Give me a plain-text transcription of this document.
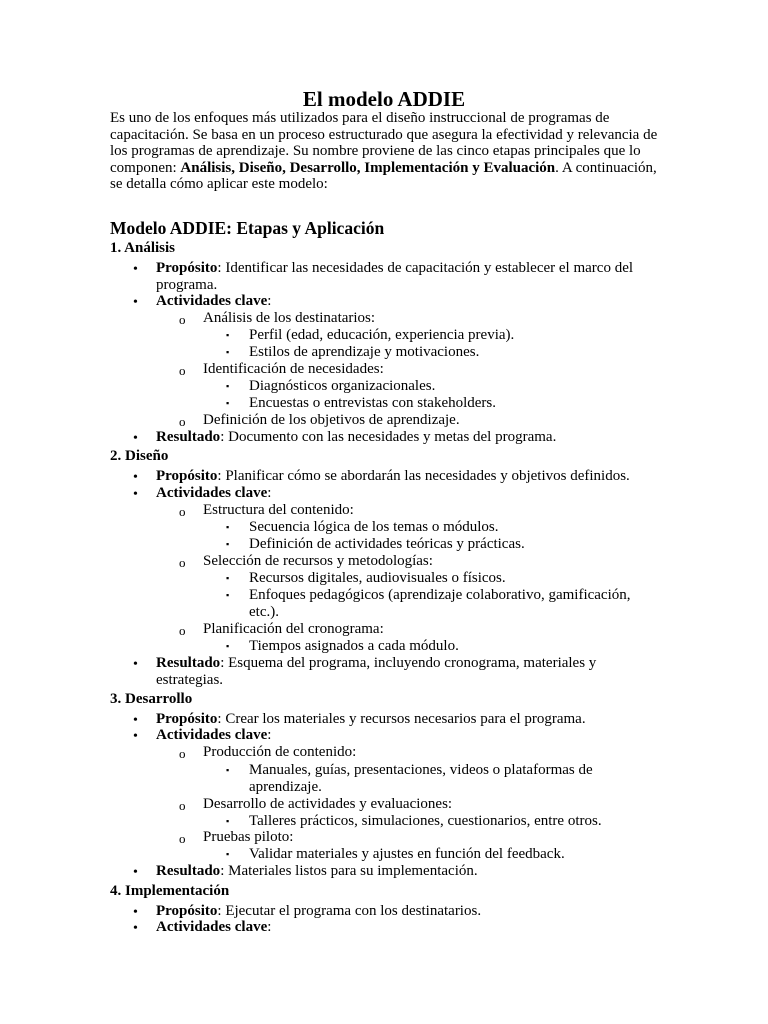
El modelo ADDIE
Es uno de los enfoques más utilizados para el diseño instruccional de programas de capacitación. Se basa en un proceso estructurado que asegura la efectividad y relevancia de los programas de aprendizaje. Su nombre proviene de las cinco etapas principales que lo componen: Análisis, Diseño, Desarrollo, Implementación y Evaluación. A continuación, se detalla cómo aplicar este modelo:
Modelo ADDIE: Etapas y Aplicación
1. Análisis
• Propósito: Identificar las necesidades de capacitación y establecer el marco del
programa.
• Actividades clave:
o Análisis de los destinatarios:
▪ Perfil (edad, educación, experiencia previa).
▪ Estilos de aprendizaje y motivaciones.
o Identificación de necesidades:
▪ Diagnósticos organizacionales.
▪ Encuestas o entrevistas con stakeholders.
o Definición de los objetivos de aprendizaje.
• Resultado: Documento con las necesidades y metas del programa.
2. Diseño
• Propósito: Planificar cómo se abordarán las necesidades y objetivos definidos.
• Actividades clave:
o Estructura del contenido:
▪ Secuencia lógica de los temas o módulos.
▪ Definición de actividades teóricas y prácticas.
o Selección de recursos y metodologías:
▪ Recursos digitales, audiovisuales o físicos.
▪ Enfoques pedagógicos (aprendizaje colaborativo, gamificación,
etc.).
o Planificación del cronograma:
▪ Tiempos asignados a cada módulo.
• Resultado: Esquema del programa, incluyendo cronograma, materiales y
estrategias.
3. Desarrollo
• Propósito: Crear los materiales y recursos necesarios para el programa.
• Actividades clave:
o Producción de contenido:
▪ Manuales, guías, presentaciones, videos o plataformas de
aprendizaje.
o Desarrollo de actividades y evaluaciones:
▪ Talleres prácticos, simulaciones, cuestionarios, entre otros.
o Pruebas piloto:
▪ Validar materiales y ajustes en función del feedback.
• Resultado: Materiales listos para su implementación.
4. Implementación
• Propósito: Ejecutar el programa con los destinatarios.
• Actividades clave:
